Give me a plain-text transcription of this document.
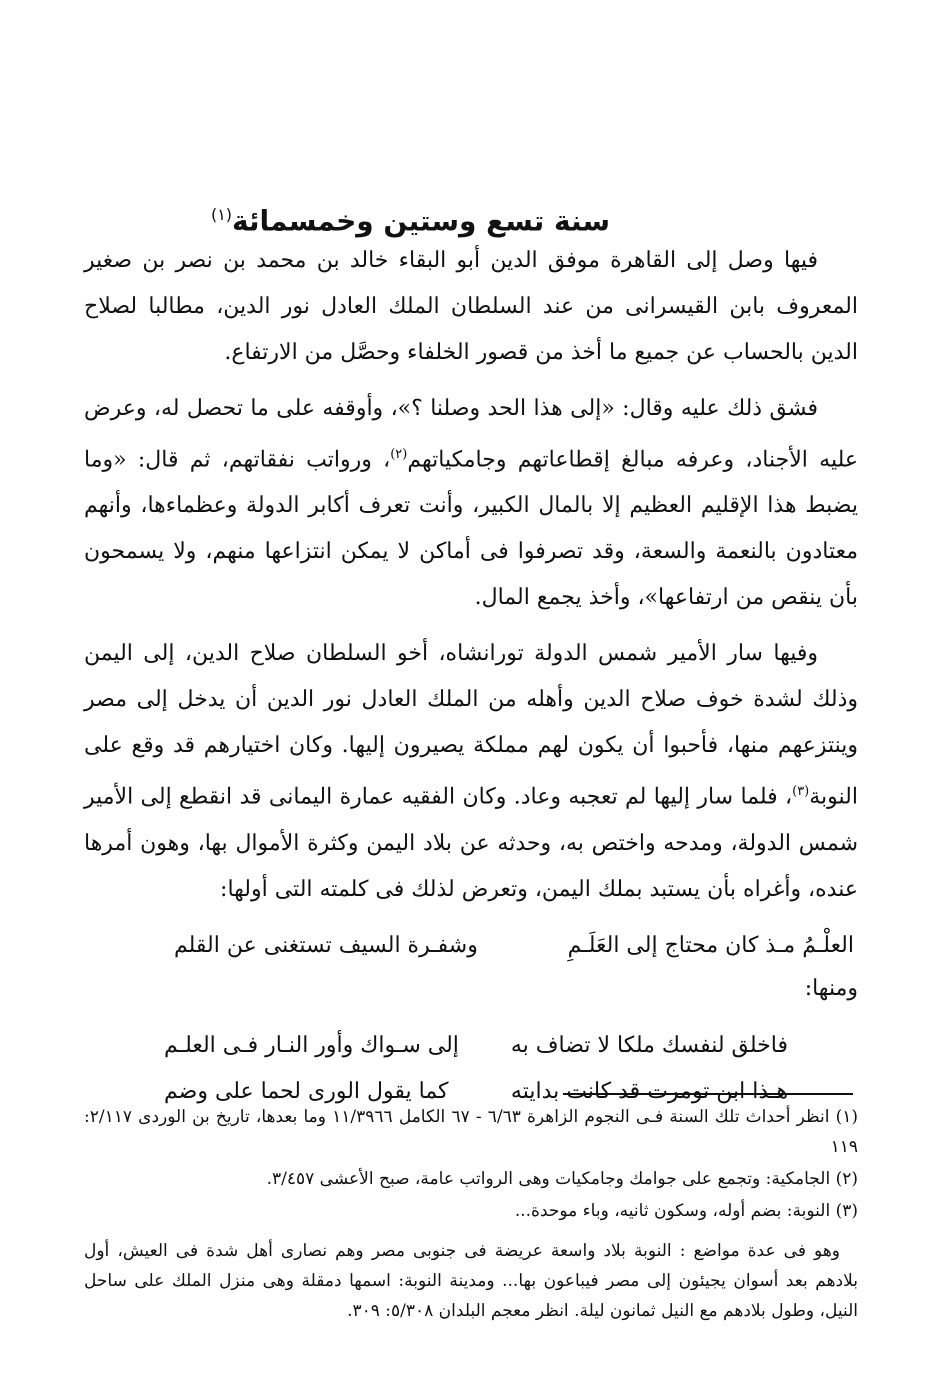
سنة تسع وستين وخمسمائة$^{(١)}$

فيها وصل إلى القاهرة موفق الدين أبو البقاء خالد بن محمد بن نصر بن صغير المعروف بابن القيسرانى من عند السلطان الملك العادل نور الدين، مطالبا لصلاح الدين بالحساب عن جميع ما أخذ من قصور الخلفاء وحصَّل من الارتفاع.

فشق ذلك عليه وقال: «إلى هذا الحد وصلنا ؟»، وأوقفه على ما تحصل له، وعرض عليه الأجناد، وعرفه مبالغ إقطاعاتهم وجامكياتهم$^{(٢)}$، ورواتب نفقاتهم، ثم قال: «وما يضبط هذا الإقليم العظيم إلا بالمال الكبير، وأنت تعرف أكابر الدولة وعظماءها، وأنهم معتادون بالنعمة والسعة، وقد تصرفوا فى أماكن لا يمكن انتزاعها منهم، ولا يسمحون بأن ينقص من ارتفاعها»، وأخذ يجمع المال.

وفيها سار الأمير شمس الدولة تورانشاه، أخو السلطان صلاح الدين، إلى اليمن وذلك لشدة خوف صلاح الدين وأهله من الملك العادل نور الدين أن يدخل إلى مصر وينتزعهم منها، فأحبوا أن يكون لهم مملكة يصيرون إليها. وكان اختيارهم قد وقع على النوبة$^{(٣)}$، فلما سار إليها لم تعجبه وعاد. وكان الفقيه عمارة اليمانى قد انقطع إلى الأمير شمس الدولة، ومدحه واختص به، وحدثه عن بلاد اليمن وكثرة الأموال بها، وهون أمرها عنده، وأغراه بأن يستبد بملك اليمن، وتعرض لذلك فى كلمته التى أولها:

العلْـمُ مـذ كان محتاج إلى العَلَـمِ
وشفـرة السيف تستغنى عن القلم
ومنها:
فاخلق لنفسك ملكا لا تضاف به
إلى سـواك وأور النـار فـى العلـم
هـذا ابن تومرت قد كانت بدايته
كما يقول الورى لحما على وضم

(١) انظر أحداث تلك السنة فـى النجوم الزاهرة ٦/٦٣ - ٦٧ الكامل ١١/٣٩٦٦ وما بعدها، تاريخ بن الوردى ٢/١١٧: ١١٩

(٢) الجامكية: وتجمع على جوامك وجامكيات وهى الرواتب عامة، صبح الأعشى ٣/٤٥٧.

(٣) النوبة: بضم أوله، وسكون ثانيه، وباء موحدة...

وهو فى عدة مواضع : النوبة بلاد واسعة عريضة فى جنوبى مصر وهم نصارى أهل شدة فى العيش، أول بلادهم بعد أسوان يجيئون إلى مصر فيباعون بها... ومدينة النوبة: اسمها دمقلة وهى منزل الملك على ساحل النيل، وطول بلادهم مع النيل ثمانون ليلة. انظر معجم البلدان ٥/٣٠٨: ٣٠٩.
